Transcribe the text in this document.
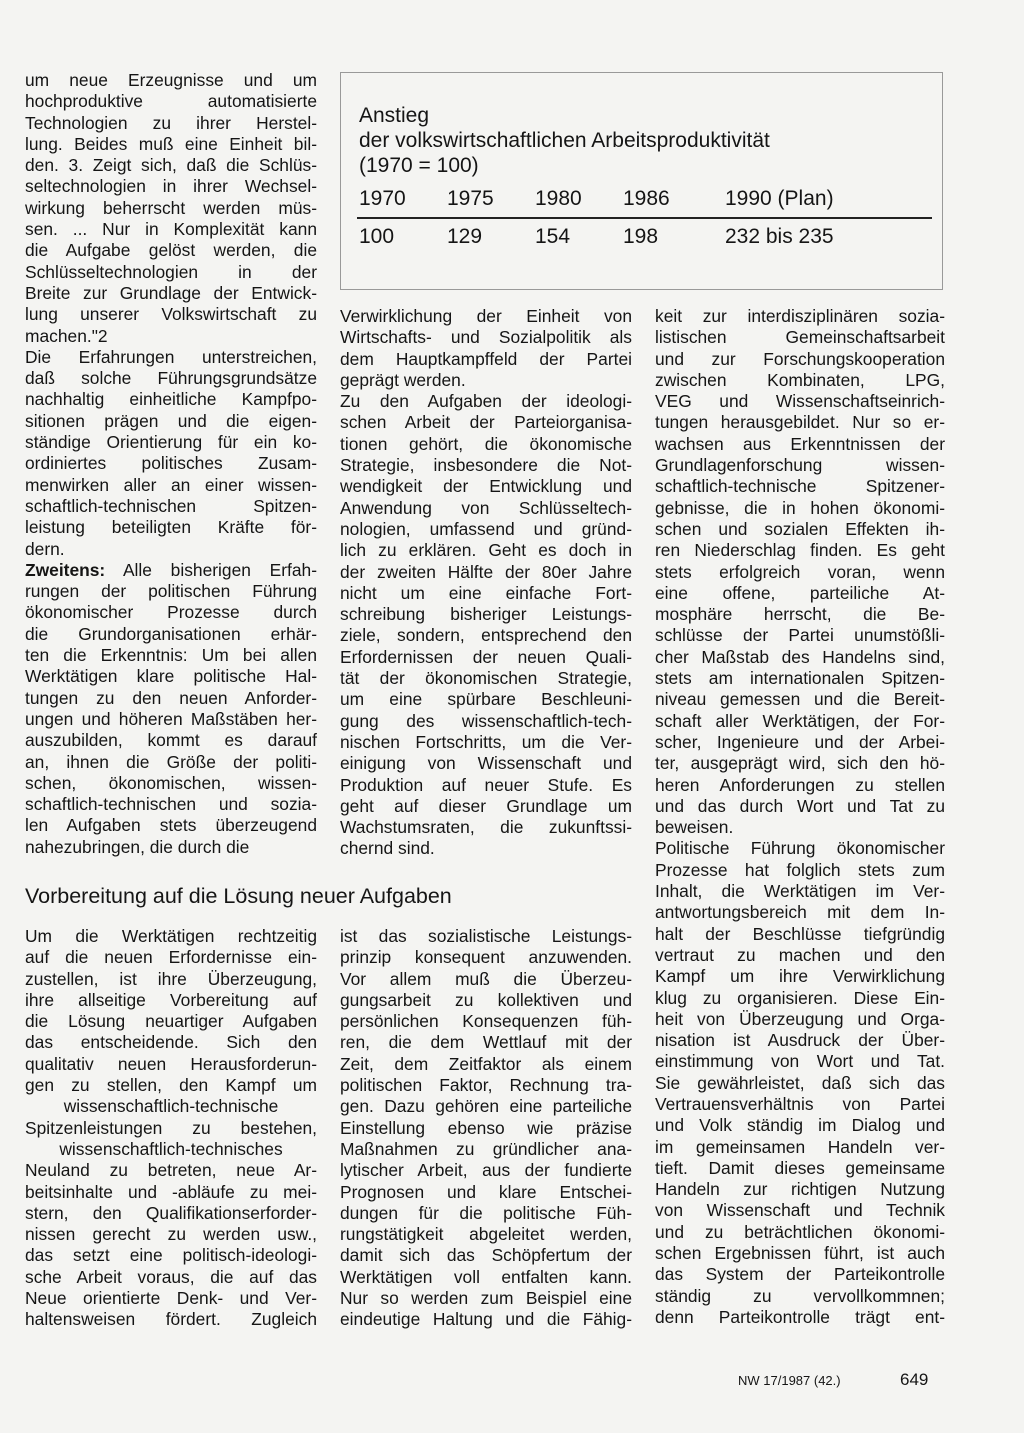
Anstieg
der volkswirtschaftlichen Arbeitsproduktivität
(1970 = 100)
1970	1975	1980	1986	1990 (Plan)
100	129	154	198	232 bis 235

um neue Erzeugnisse und um
hochproduktive automatisierte
Technologien zu ihrer Herstel-
lung. Beides muß eine Einheit bil-
den. 3. Zeigt sich, daß die Schlüs-
seltechnologien in ihrer Wechsel-
wirkung beherrscht werden müs-
sen. ... Nur in Komplexität kann
die Aufgabe gelöst werden, die
Schlüsseltechnologien in der
Breite zur Grundlage der Entwick-
lung unserer Volkswirtschaft zu
machen."2

Die Erfahrungen unterstreichen,
daß solche Führungsgrundsätze
nachhaltig einheitliche Kampfpo-
sitionen prägen und die eigen-
ständige Orientierung für ein ko-
ordiniertes politisches Zusam-
menwirken aller an einer wissen-
schaftlich-technischen Spitzen-
leistung beteiligten Kräfte för-
dern.

Zweitens: Alle bisherigen Erfah-
rungen der politischen Führung
ökonomischer Prozesse durch
die Grundorganisationen erhär-
ten die Erkenntnis: Um bei allen
Werktätigen klare politische Hal-
tungen zu den neuen Anforder-
ungen und höheren Maßstäben her-
auszubilden, kommt es darauf
an, ihnen die Größe der politi-
schen, ökonomischen, wissen-
schaftlich-technischen und sozia-
len Aufgaben stets überzeugend
nahezubringen, die durch die

Verwirklichung der Einheit von
Wirtschafts- und Sozialpolitik als
dem Hauptkampffeld der Partei
geprägt werden.

Zu den Aufgaben der ideologi-
schen Arbeit der Parteiorganisa-
tionen gehört, die ökonomische
Strategie, insbesondere die Not-
wendigkeit der Entwicklung und
Anwendung von Schlüsseltech-
nologien, umfassend und gründ-
lich zu erklären. Geht es doch in
der zweiten Hälfte der 80er Jahre
nicht um eine einfache Fort-
schreibung bisheriger Leistungs-
ziele, sondern, entsprechend den
Erfordernissen der neuen Quali-
tät der ökonomischen Strategie,
um eine spürbare Beschleuni-
gung des wissenschaftlich-tech-
nischen Fortschritts, um die Ver-
einigung von Wissenschaft und
Produktion auf neuer Stufe. Es
geht auf dieser Grundlage um
Wachstumsraten, die zukunftssi-
chernd sind.

keit zur interdisziplinären sozia-
listischen Gemeinschaftsarbeit
und zur Forschungskooperation
zwischen Kombinaten, LPG,
VEG und Wissenschaftseinrich-
tungen herausgebildet. Nur so er-
wachsen aus Erkenntnissen der
Grundlagenforschung wissen-
schaftlich-technische Spitzener-
gebnisse, die in hohen ökonomi-
schen und sozialen Effekten ih-
ren Niederschlag finden. Es geht
stets erfolgreich voran, wenn
eine offene, parteiliche At-
mosphäre herrscht, die Be-
schlüsse der Partei unumstößli-
cher Maßstab des Handelns sind,
stets am internationalen Spitzen-
niveau gemessen und die Bereit-
schaft aller Werktätigen, der For-
scher, Ingenieure und der Arbei-
ter, ausgeprägt wird, sich den hö-
heren Anforderungen zu stellen
und das durch Wort und Tat zu
beweisen.

Politische Führung ökonomischer
Prozesse hat folglich stets zum
Inhalt, die Werktätigen im Ver-
antwortungsbereich mit dem In-
halt der Beschlüsse tiefgründig
vertraut zu machen und den
Kampf um ihre Verwirklichung
klug zu organisieren. Diese Ein-
heit von Überzeugung und Orga-
nisation ist Ausdruck der Über-
einstimmung von Wort und Tat.
Sie gewährleistet, daß sich das
Vertrauensverhältnis von Partei
und Volk ständig im Dialog und
im gemeinsamen Handeln ver-
tieft. Damit dieses gemeinsame
Handeln zur richtigen Nutzung
von Wissenschaft und Technik
und zu beträchtlichen ökonomi-
schen Ergebnissen führt, ist auch
das System der Parteikontrolle
ständig zu vervollkommnen;
denn Parteikontrolle trägt ent-

Vorbereitung auf die Lösung neuer Aufgaben

Um die Werktätigen rechtzeitig
auf die neuen Erfordernisse ein-
zustellen, ist ihre Überzeugung,
ihre allseitige Vorbereitung auf
die Lösung neuartiger Aufgaben
das entscheidende. Sich den
qualitativ neuen Herausforderun-
gen zu stellen, den Kampf um
wissenschaftlich-technische
Spitzenleistungen zu bestehen,
wissenschaftlich-technisches
Neuland zu betreten, neue Ar-
beitsinhalte und -abläufe zu mei-
stern, den Qualifikationserforder-
nissen gerecht zu werden usw.,
das setzt eine politisch-ideologi-
sche Arbeit voraus, die auf das
Neue orientierte Denk- und Ver-
haltensweisen fördert. Zugleich

ist das sozialistische Leistungs-
prinzip konsequent anzuwenden.
Vor allem muß die Überzeu-
gungsarbeit zu kollektiven und
persönlichen Konsequenzen füh-
ren, die dem Wettlauf mit der
Zeit, dem Zeitfaktor als einem
politischen Faktor, Rechnung tra-
gen. Dazu gehören eine parteiliche
Einstellung ebenso wie präzise
Maßnahmen zu gründlicher ana-
lytischer Arbeit, aus der fundierte
Prognosen und klare Entschei-
dungen für die politische Füh-
rungstätigkeit abgeleitet werden,
damit sich das Schöpfertum der
Werktätigen voll entfalten kann.
Nur so werden zum Beispiel eine
eindeutige Haltung und die Fähig-

NW 17/1987 (42.)	649
